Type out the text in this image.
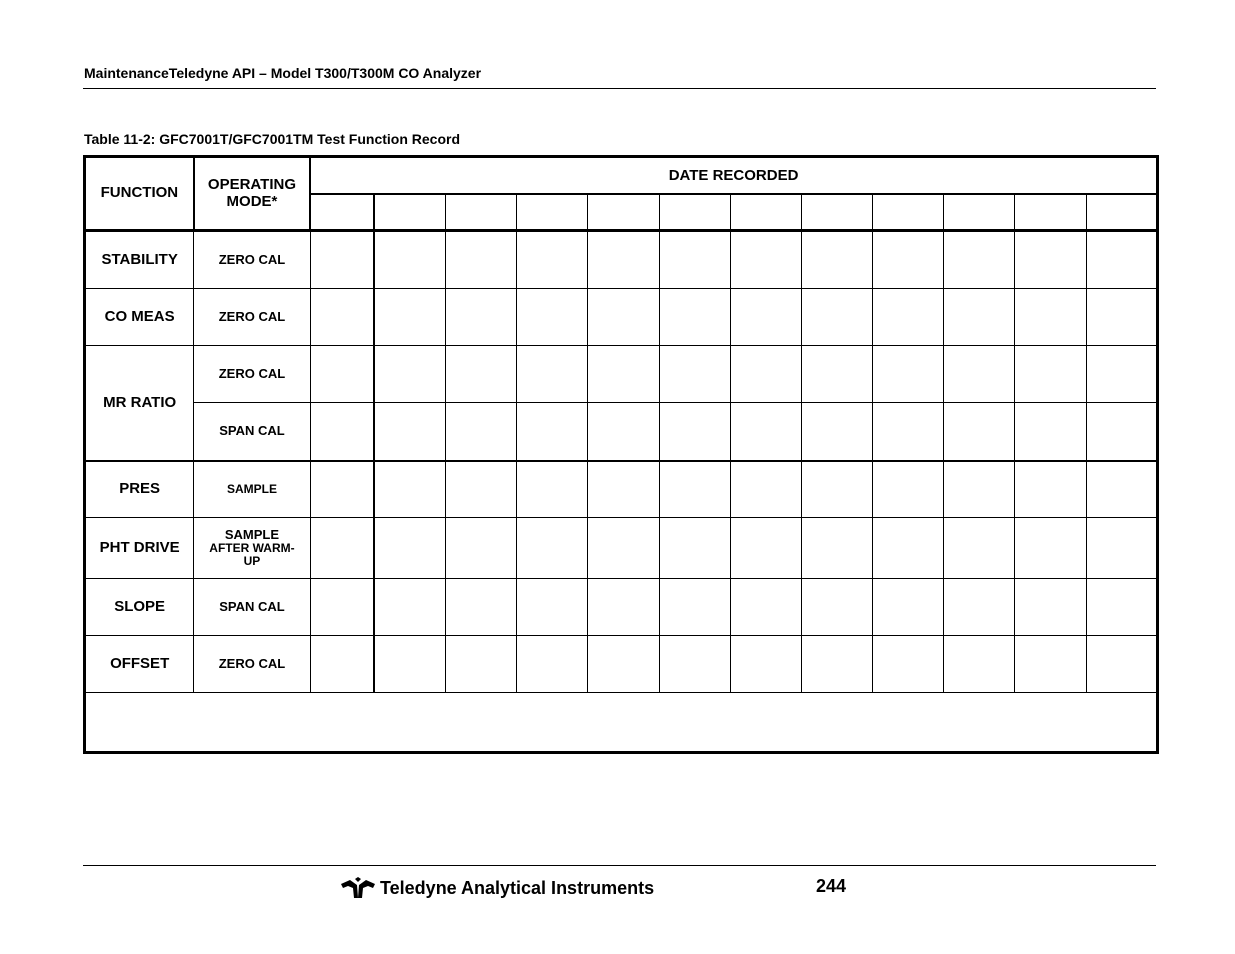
MaintenanceTeledyne API – Model T300/T300M CO Analyzer
Table 11-2: GFC7001T/GFC7001TM Test Function Record
FUNCTION	OPERATING MODE*	DATE RECORDED											

STABILITY	ZERO CAL												
CO MEAS	ZERO CAL												
MR RATIO	ZERO CAL												
	SPAN CAL												
PRES	SAMPLE												
PHT DRIVE	SAMPLE
AFTER WARM-UP												

SLOPE	SPAN CAL												
OFFSET	ZERO CAL												

Teledyne Analytical Instruments	244
